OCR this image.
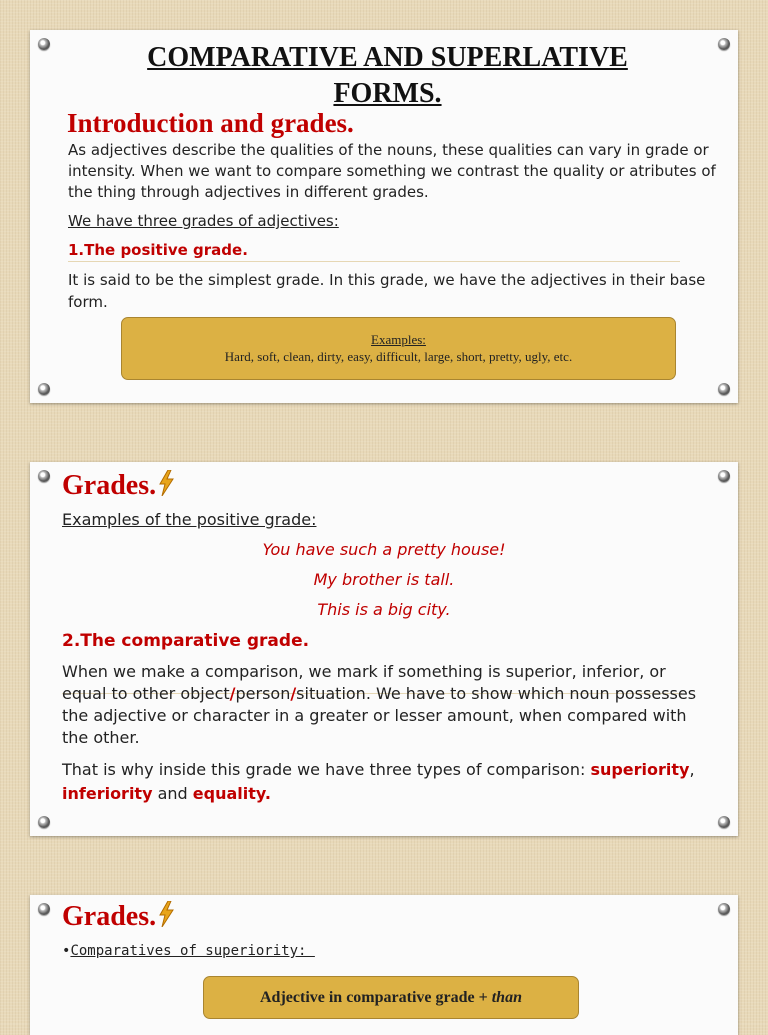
COMPARATIVE AND SUPERLATIVE FORMS.
Introduction and grades.

As adjectives describe the qualities of the nouns, these qualities can vary in grade or intensity. When we want to compare something we contrast the quality or atributes of the thing through adjectives in different grades.

We have three grades of adjectives:

1.The positive grade.

It is said to be the simplest grade. In this grade, we have the adjectives in their base form.

Examples:
Hard, soft, clean, dirty, easy, difficult, large, short, pretty, ugly, etc.
Grades.

Examples of the positive grade:

You have such a pretty house!

My brother is tall.

This is a big city.

2.The comparative grade.

When we make a comparison, we mark if something is superior, inferior, or equal to other object/person/situation. We have to show which noun possesses the adjective or character in a greater or lesser amount, when compared with the other.

That is why inside this grade we have three types of comparison: superiority, inferiority and equality.

Grades.

•Comparatives of superiority:

Adjective in comparative grade + than
